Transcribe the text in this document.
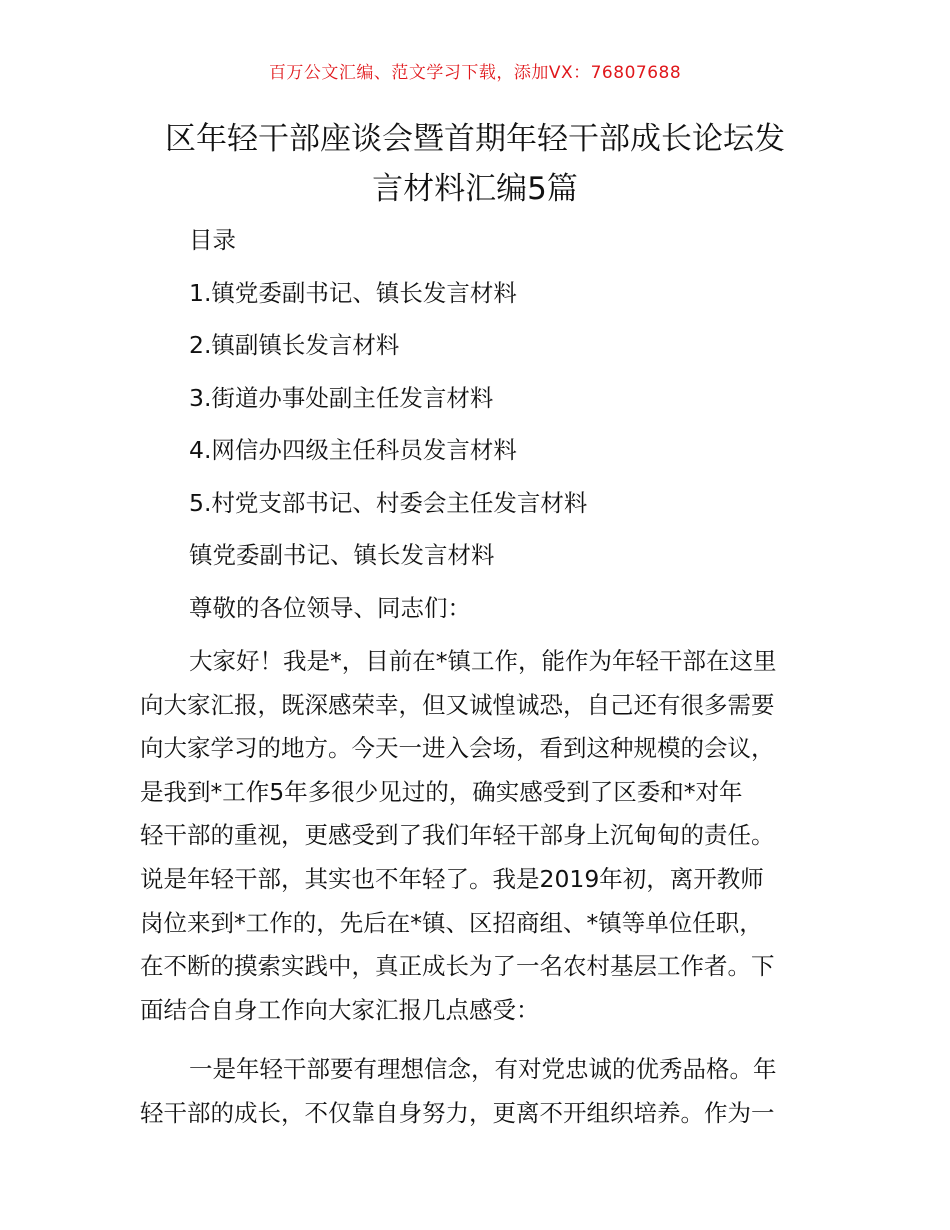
百万公文汇编、范文学习下载，添加VX：76807688
区年轻干部座谈会暨首期年轻干部成长论坛发
言材料汇编5篇

目录

1.镇党委副书记、镇长发言材料

2.镇副镇长发言材料

3.街道办事处副主任发言材料

4.网信办四级主任科员发言材料

5.村党支部书记、村委会主任发言材料

镇党委副书记、镇长发言材料

尊敬的各位领导、同志们：

大家好！我是*，目前在*镇工作，能作为年轻干部在这里
向大家汇报，既深感荣幸，但又诚惶诚恐，自己还有很多需要
向大家学习的地方。今天一进入会场，看到这种规模的会议，
是我到*工作5年多很少见过的，确实感受到了区委和*对年
轻干部的重视，更感受到了我们年轻干部身上沉甸甸的责任。
说是年轻干部，其实也不年轻了。我是2019年初，离开教师
岗位来到*工作的，先后在*镇、区招商组、*镇等单位任职，
在不断的摸索实践中，真正成长为了一名农村基层工作者。下
面结合自身工作向大家汇报几点感受：
一是年轻干部要有理想信念，有对党忠诚的优秀品格。年
轻干部的成长，不仅靠自身努力，更离不开组织培养。作为一
